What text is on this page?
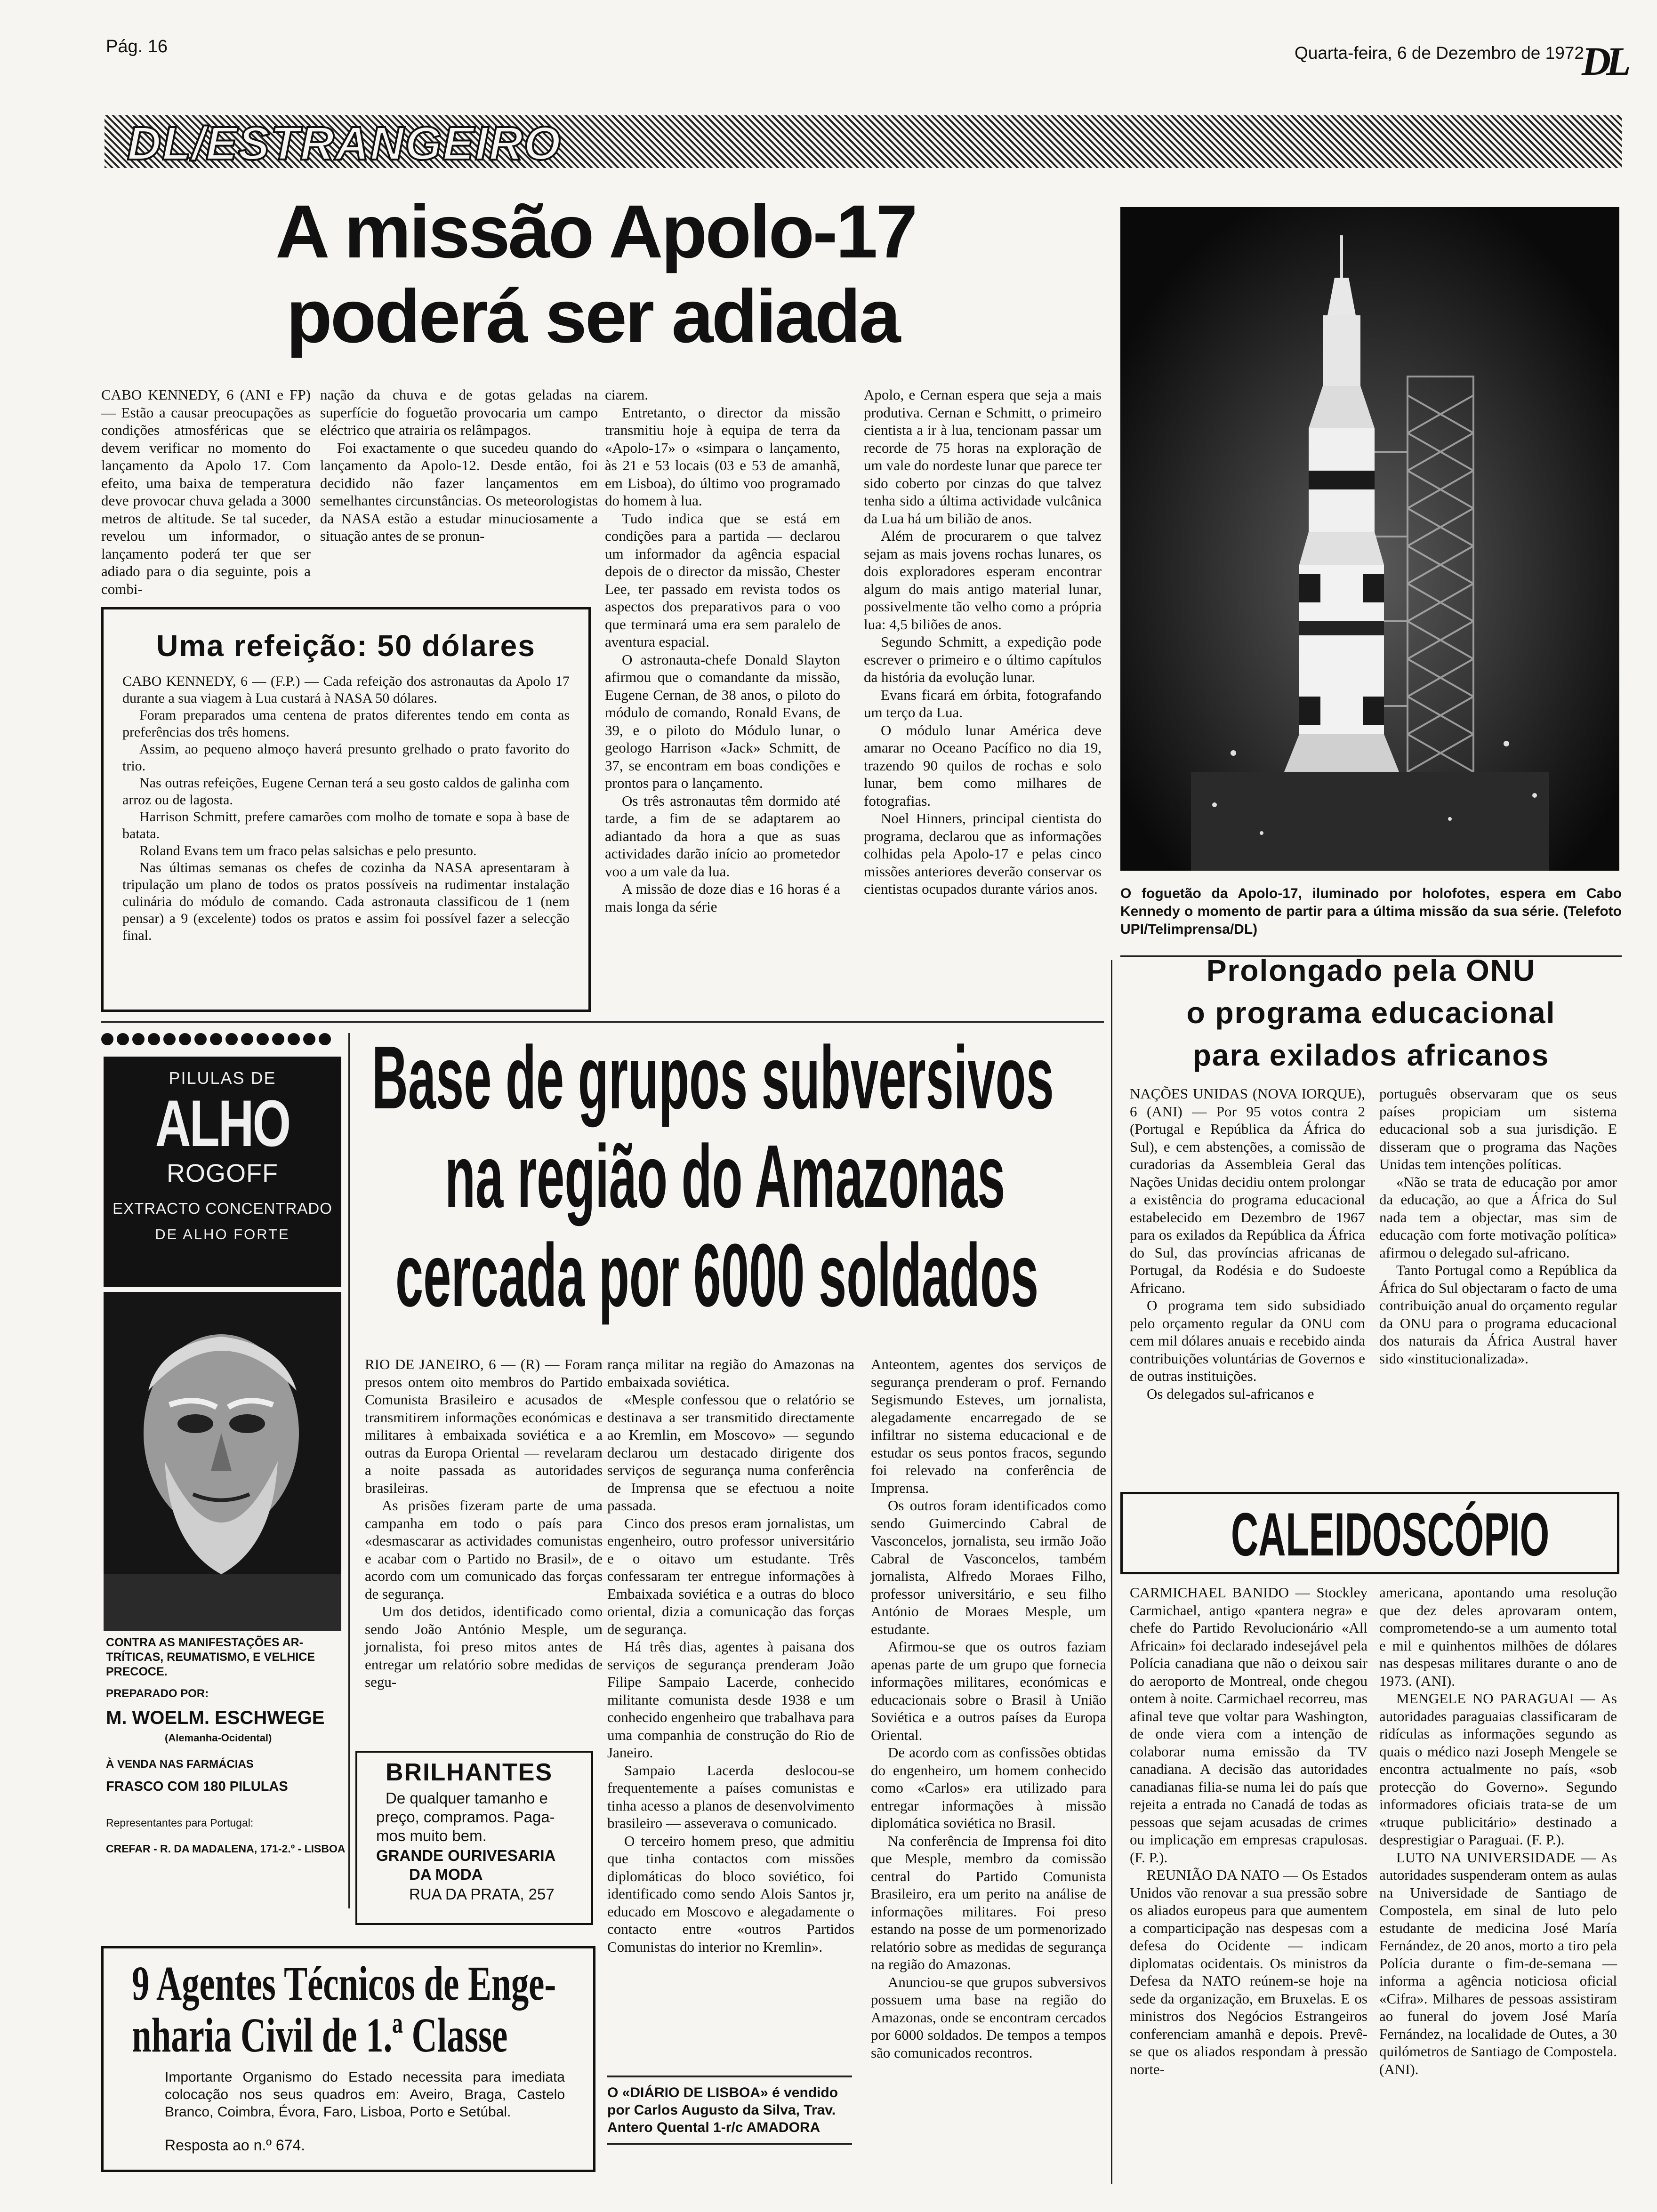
Pág. 16	Quarta-feira, 6 de Dezembro de 1972
DL
DL/ESTRANGEIRO
A missão Apolo-17
poderá ser adiada

CABO KENNEDY, 6 (ANI e FP) — Estão a causar preocupações as condições atmosféricas que se devem verificar no momento do lançamento da Apolo 17. Com efeito, uma baixa de temperatura deve provocar chuva gelada a 3000 metros de altitude. Se tal suceder, revelou um informador, o lançamento poderá ter que ser adiado para o dia seguinte, pois a combi-

nação da chuva e de gotas geladas na superfície do foguetão provocaria um campo eléctrico que atrairia os relâmpagos.

Foi exactamente o que sucedeu quando do lançamento da Apolo-12. Desde então, foi decidido não fazer lançamentos em semelhantes circunstâncias. Os meteorologistas da NASA estão a estudar minuciosamente a situação antes de se pronun-

ciarem.

Entretanto, o director da missão transmitiu hoje à equipa de terra da «Apolo-17» o «simpara o lançamento, às 21 e 53 locais (03 e 53 de amanhã, em Lisboa), do último voo programado do homem à lua.

Tudo indica que se está em condições para a partida — declarou um informador da agência espacial depois de o director da missão, Chester Lee, ter passado em revista todos os aspectos dos preparativos para o voo que terminará uma era sem paralelo de aventura espacial.

O astronauta-chefe Donald Slayton afirmou que o comandante da missão, Eugene Cernan, de 38 anos, o piloto do módulo de comando, Ronald Evans, de 39, e o piloto do Módulo lunar, o geologo Harrison «Jack» Schmitt, de 37, se encontram em boas condições e prontos para o lançamento.

Os três astronautas têm dormido até tarde, a fim de se adaptarem ao adiantado da hora a que as suas actividades darão início ao prometedor voo a um vale da lua.

A missão de doze dias e 16 horas é a mais longa da série

Apolo, e Cernan espera que seja a mais produtiva. Cernan e Schmitt, o primeiro cientista a ir à lua, tencionam passar um recorde de 75 horas na exploração de um vale do nordeste lunar que parece ter sido coberto por cinzas do que talvez tenha sido a última actividade vulcânica da Lua há um bilião de anos.

Além de procurarem o que talvez sejam as mais jovens rochas lunares, os dois exploradores esperam encontrar algum do mais antigo material lunar, possivelmente tão velho como a própria lua: 4,5 biliões de anos.

Segundo Schmitt, a expedição pode escrever o primeiro e o último capítulos da história da evolução lunar.

Evans ficará em órbita, fotografando um terço da Lua.

O módulo lunar América deve amarar no Oceano Pacífico no dia 19, trazendo 90 quilos de rochas e solo lunar, bem como milhares de fotografias.

Noel Hinners, principal cientista do programa, declarou que as informações colhidas pela Apolo-17 e pelas cinco missões anteriores deverão conservar os cientistas ocupados durante vários anos.

Uma refeição: 50 dólares

CABO KENNEDY, 6 — (F.P.) — Cada refeição dos astronautas da Apolo 17 durante a sua viagem à Lua custará à NASA 50 dólares.

Foram preparados uma centena de pratos diferentes tendo em conta as preferências dos três homens.

Assim, ao pequeno almoço haverá presunto grelhado o prato favorito do trio.

Nas outras refeições, Eugene Cernan terá a seu gosto caldos de galinha com arroz ou de lagosta.

Harrison Schmitt, prefere camarões com molho de tomate e sopa à base de batata.

Roland Evans tem um fraco pelas salsichas e pelo presunto.

Nas últimas semanas os chefes de cozinha da NASA apresentaram à tripulação um plano de todos os pratos possíveis na rudimentar instalação culinária do módulo de comando. Cada astronauta classificou de 1 (nem pensar) a 9 (excelente) todos os pratos e assim foi possível fazer a selecção final.

O foguetão da Apolo-17, iluminado por holofotes, espera em Cabo Kennedy o momento de partir para a última missão da sua série. (Telefoto UPI/Telimprensa/DL)
Prolongado pela ONU
o programa educacional
para exilados africanos

NAÇÕES UNIDAS (NOVA IORQUE), 6 (ANI) — Por 95 votos contra 2 (Portugal e República da África do Sul), e cem abstenções, a comissão de curadorias da Assembleia Geral das Nações Unidas decidiu ontem prolongar a existência do programa educacional estabelecido em Dezembro de 1967 para os exilados da República da África do Sul, das províncias africanas de Portugal, da Rodésia e do Sudoeste Africano.

O programa tem sido subsidiado pelo orçamento regular da ONU com cem mil dólares anuais e recebido ainda contribuições voluntárias de Governos e de outras instituições.

Os delegados sul-africanos e

português observaram que os seus países propiciam um sistema educacional sob a sua jurisdição. E disseram que o programa das Nações Unidas tem intenções políticas.

«Não se trata de educação por amor da educação, ao que a África do Sul nada tem a objectar, mas sim de educação com forte motivação política» afirmou o delegado sul-africano.

Tanto Portugal como a República da África do Sul objectaram o facto de uma contribuição anual do orçamento regular da ONU para o programa educacional dos naturais da África Austral haver sido «institucionalizada».

PILULAS DE
ALHO
ROGOFF
EXTRACTO CONCENTRADO
DE ALHO FORTE
CONTRA AS MANIFESTAÇÕES AR-TRÍTICAS, REUMATISMO, E VELHICE PRECOCE.
PREPARADO POR:
M. WOELM. ESCHWEGE
(Alemanha-Ocidental)
À VENDA NAS FARMÁCIAS
FRASCO COM 180 PILULAS
Representantes para Portugal:
CREFAR - R. DA MADALENA, 171-2.º - LISBOA
Base de grupos subversivos
na região do Amazonas
cercada por 6000 soldados

RIO DE JANEIRO, 6 — (R) — Foram presos ontem oito membros do Partido Comunista Brasileiro e acusados de transmitirem informações económicas e militares à embaixada soviética e a outras da Europa Oriental — revelaram a noite passada as autoridades brasileiras.

As prisões fizeram parte de uma campanha em todo o país para «desmascarar as actividades comunistas e acabar com o Partido no Brasil», de acordo com um comunicado das forças de segurança.

Um dos detidos, identificado como sendo João António Mesple, um jornalista, foi preso mitos antes de entregar um relatório sobre medidas de segu-

rança militar na região do Amazonas na embaixada soviética.

«Mesple confessou que o relatório se destinava a ser transmitido directamente ao Kremlin, em Moscovo» — segundo declarou um destacado dirigente dos serviços de segurança numa conferência de Imprensa que se efectuou a noite passada.

Cinco dos presos eram jornalistas, um engenheiro, outro professor universitário e o oitavo um estudante. Três confessaram ter entregue informações à Embaixada soviética e a outras do bloco oriental, dizia a comunicação das forças de segurança.

Há três dias, agentes à paisana dos serviços de segurança prenderam João Filipe Sampaio Lacerde, conhecido militante comunista desde 1938 e um conhecido engenheiro que trabalhava para uma companhia de construção do Rio de Janeiro.

Sampaio Lacerda deslocou-se frequentemente a países comunistas e tinha acesso a planos de desenvolvimento brasileiro — asseverava o comunicado.

O terceiro homem preso, que admitiu que tinha contactos com missões diplomáticas do bloco soviético, foi identificado como sendo Alois Santos jr, educado em Moscovo e alegadamente o contacto entre «outros Partidos Comunistas do interior no Kremlin».

Anteontem, agentes dos serviços de segurança prenderam o prof. Fernando Segismundo Esteves, um jornalista, alegadamente encarregado de se infiltrar no sistema educacional e de estudar os seus pontos fracos, segundo foi relevado na conferência de Imprensa.

Os outros foram identificados como sendo Guimercindo Cabral de Vasconcelos, jornalista, seu irmão João Cabral de Vasconcelos, também jornalista, Alfredo Moraes Filho, professor universitário, e seu filho António de Moraes Mesple, um estudante.

Afirmou-se que os outros faziam apenas parte de um grupo que fornecia informações militares, económicas e educacionais sobre o Brasil à União Soviética e a outros países da Europa Oriental.

De acordo com as confissões obtidas do engenheiro, um homem conhecido como «Carlos» era utilizado para entregar informações à missão diplomática soviética no Brasil.

Na conferência de Imprensa foi dito que Mesple, membro da comissão central do Partido Comunista Brasileiro, era um perito na análise de informações militares. Foi preso estando na posse de um pormenorizado relatório sobre as medidas de segurança na região do Amazonas.

Anunciou-se que grupos subversivos possuem uma base na região do Amazonas, onde se encontram cercados por 6000 soldados. De tempos a tempos são comunicados recontros.

BRILHANTES
De qualquer tamanho e
preço, compramos. Paga-
mos muito bem.
GRANDE OURIVESARIA
DA MODA
RUA DA PRATA, 257
9 Agentes Técnicos de Enge-
nharia Civil de 1.ª Classe
Importante Organismo do Estado necessita para imediata colocação nos seus quadros em: Aveiro, Braga, Castelo Branco, Coimbra, Évora, Faro, Lisboa, Porto e Setúbal.
Resposta ao n.º 674.
O «DIÁRIO DE LISBOA» é vendido por Carlos Augusto da Silva, Trav. Antero Quental 1-r/c AMADORA
CALEIDOSCÓPIO

CARMICHAEL BANIDO — Stockley Carmichael, antigo «pantera negra» e chefe do Partido Revolucionário «All Africain» foi declarado indesejável pela Polícia canadiana que não o deixou sair do aeroporto de Montreal, onde chegou ontem à noite. Carmichael recorreu, mas afinal teve que voltar para Washington, de onde viera com a intenção de colaborar numa emissão da TV canadiana. A decisão das autoridades canadianas filia-se numa lei do país que rejeita a entrada no Canadá de todas as pessoas que sejam acusadas de crimes ou implicação em empresas crapulosas. (F. P.).

REUNIÃO DA NATO — Os Estados Unidos vão renovar a sua pressão sobre os aliados europeus para que aumentem a comparticipação nas despesas com a defesa do Ocidente — indicam diplomatas ocidentais. Os ministros da Defesa da NATO reúnem-se hoje na sede da organização, em Bruxelas. E os ministros dos Negócios Estrangeiros conferenciam amanhã e depois. Prevê-se que os aliados respondam à pressão norte-

americana, apontando uma resolução que dez deles aprovaram ontem, comprometendo-se a um aumento total e mil e quinhentos milhões de dólares nas despesas militares durante o ano de 1973. (ANI).

MENGELE NO PARAGUAI — As autoridades paraguaias classificaram de ridículas as informações segundo as quais o médico nazi Joseph Mengele se encontra actualmente no país, «sob protecção do Governo». Segundo informadores oficiais trata-se de um «truque publicitário» destinado a desprestigiar o Paraguai. (F. P.).

LUTO NA UNIVERSIDADE — As autoridades suspenderam ontem as aulas na Universidade de Santiago de Compostela, em sinal de luto pelo estudante de medicina José María Fernández, de 20 anos, morto a tiro pela Polícia durante o fim-de-semana — informa a agência noticiosa oficial «Cifra». Milhares de pessoas assistiram ao funeral do jovem José María Fernández, na localidade de Outes, a 30 quilómetros de Santiago de Compostela. (ANI).
